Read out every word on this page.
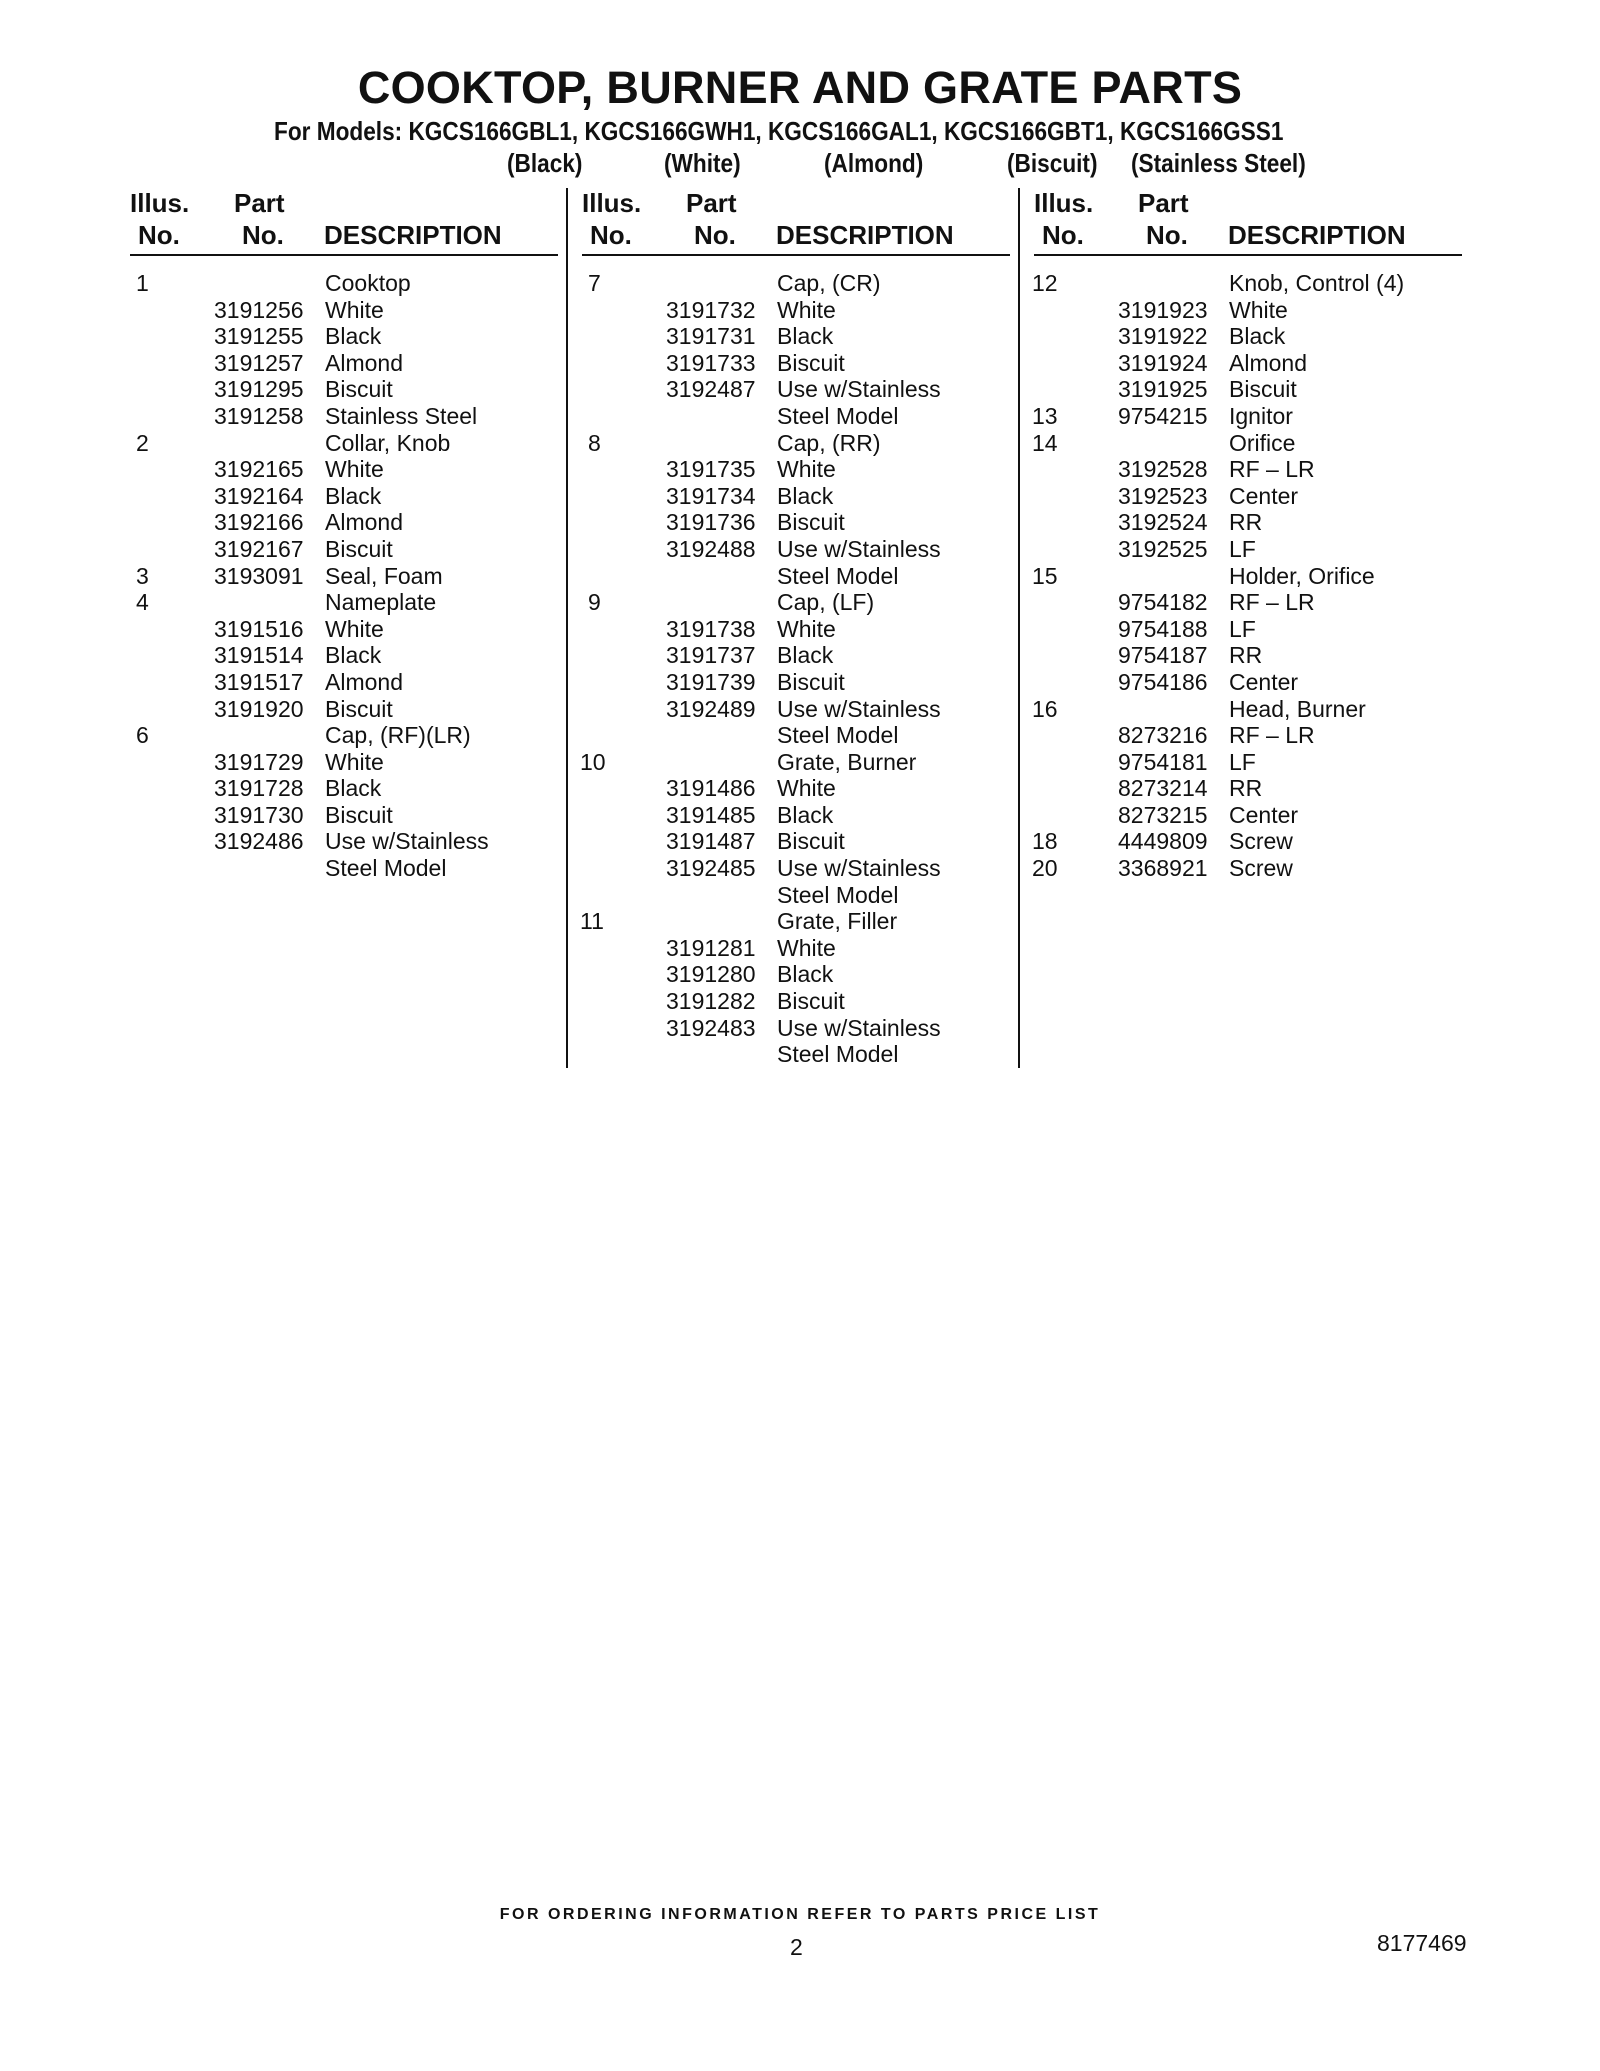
COOKTOP, BURNER AND GRATE PARTS
For Models: KGCS166GBL1, KGCS166GWH1, KGCS166GAL1, KGCS166GBT1, KGCS166GSS1
(Black)	(White)	(Almond)	(Biscuit) (Stainless Steel)
Illus.
No.
Part
No. DESCRIPTION
1	Cooktop
3191256 White
3191255 Black
3191257 Almond
3191295 Biscuit
3191258 Stainless Steel
2	Collar, Knob
3192165 White
3192164 Black
3192166 Almond
3192167 Biscuit
3	3193091 Seal, Foam
4	Nameplate
3191516 White
3191514 Black
3191517 Almond
3191920 Biscuit
6	Cap, (RF)(LR)
3191729 White
3191728 Black
3191730 Biscuit
3192486 Use w/Stainless
Steel Model
Illus.
No.
Part
No. DESCRIPTION
7	Cap, (CR)
3191732 White
3191731 Black
3191733 Biscuit
3192487 Use w/Stainless
Steel Model
8	Cap, (RR)
3191735 White
3191734 Black
3191736 Biscuit
3192488 Use w/Stainless
Steel Model
9	Cap, (LF)
3191738 White
3191737 Black
3191739 Biscuit
3192489 Use w/Stainless
Steel Model
10	Grate, Burner
3191486 White
3191485 Black
3191487 Biscuit
3192485 Use w/Stainless
Steel Model
11	Grate, Filler
3191281 White
3191280 Black
3191282 Biscuit
3192483 Use w/Stainless
Steel Model
Illus.
No.
Part
No. DESCRIPTION
12	Knob, Control (4)
3191923 White
3191922 Black
3191924 Almond
3191925 Biscuit
13	9754215 Ignitor
14	Orifice
3192528 RF – LR
3192523 Center
3192524 RR
3192525 LF
15	Holder, Orifice
9754182 RF – LR
9754188 LF
9754187 RR
9754186 Center
16	Head, Burner
8273216 RF – LR
9754181 LF
8273214 RR
8273215 Center
18	4449809 Screw
20	3368921 Screw
FOR ORDERING INFORMATION REFER TO PARTS PRICE LIST
2	8177469
